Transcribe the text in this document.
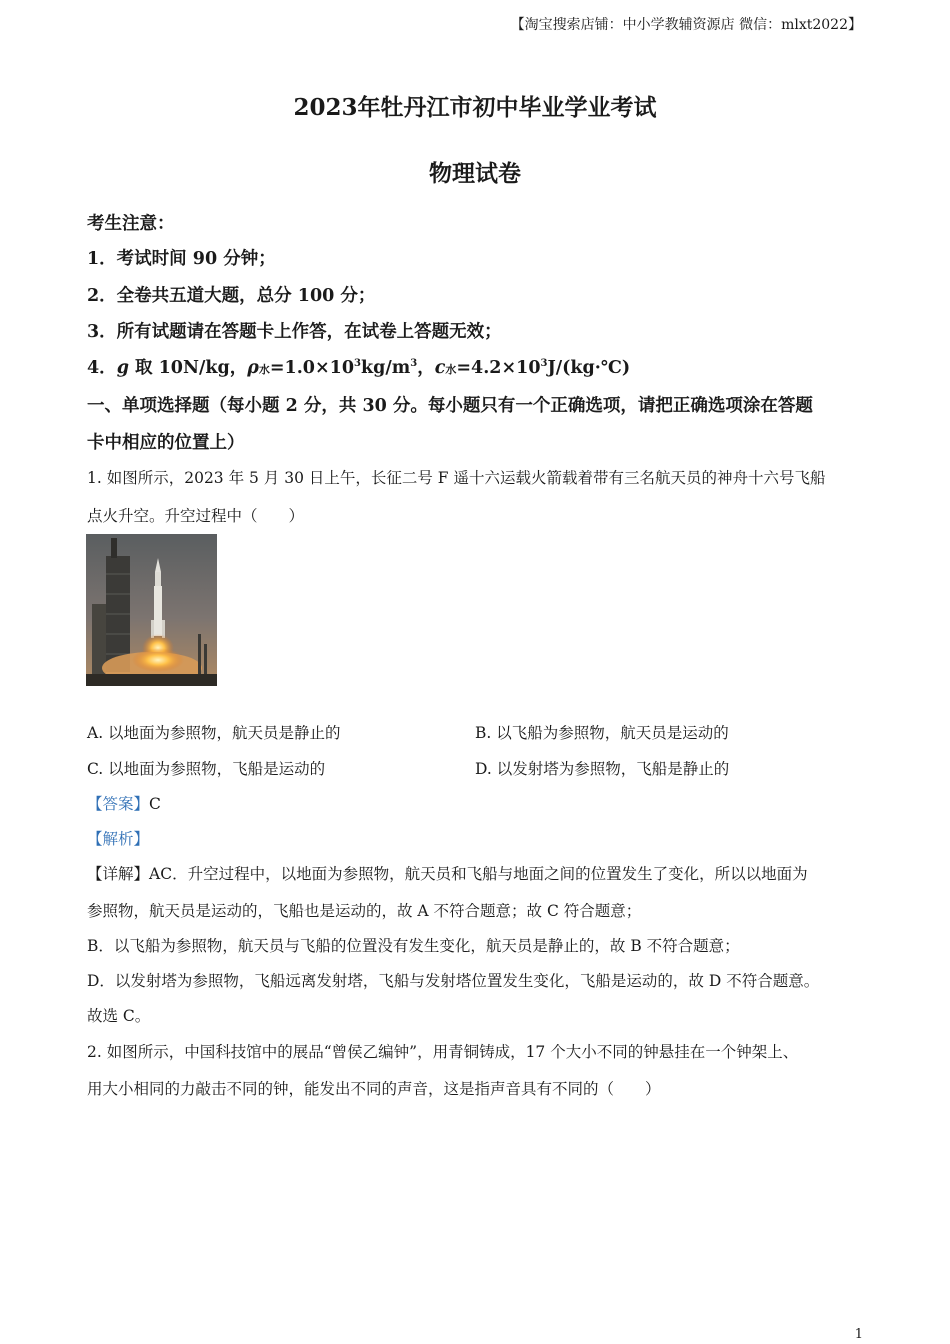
【淘宝搜索店铺：中小学教辅资源店 微信：mlxt2022】
2023年牡丹江市初中毕业学业考试
物理试卷
考生注意：
1．考试时间 90 分钟；
2．全卷共五道大题，总分 100 分；
3．所有试题请在答题卡上作答，在试卷上答题无效；
4．g 取 10N/kg，ρ水$=1.0\times 10^3kg/m^3$，c水$=4.2\times 10^3J/(kg\cdot℃)$
一、单项选择题（每小题 2 分，共 30 分。每小题只有一个正确选项，请把正确选项涂在答题
卡中相应的位置上）
1. 如图所示，2023 年 5 月 30 日上午，长征二号 F 遥十六运载火箭载着带有三名航天员的神舟十六号飞船
点火升空。升空过程中（　　）
A. 以地面为参照物，航天员是静止的	B. 以飞船为参照物，航天员是运动的
C. 以地面为参照物，飞船是运动的	D. 以发射塔为参照物，飞船是静止的
【答案】C
【解析】
【详解】AC．升空过程中，以地面为参照物，航天员和飞船与地面之间的位置发生了变化，所以以地面为
参照物，航天员是运动的，飞船也是运动的，故 A 不符合题意；故 C 符合题意；
B．以飞船为参照物，航天员与飞船的位置没有发生变化，航天员是静止的，故 B 不符合题意；
D．以发射塔为参照物，飞船远离发射塔，飞船与发射塔位置发生变化，飞船是运动的，故 D 不符合题意。
故选 C。
2. 如图所示，中国科技馆中的展品“曾侯乙编钟”，用青铜铸成，17 个大小不同的钟悬挂在一个钟架上、
用大小相同的力敲击不同的钟，能发出不同的声音，这是指声音具有不同的（　　）
1
